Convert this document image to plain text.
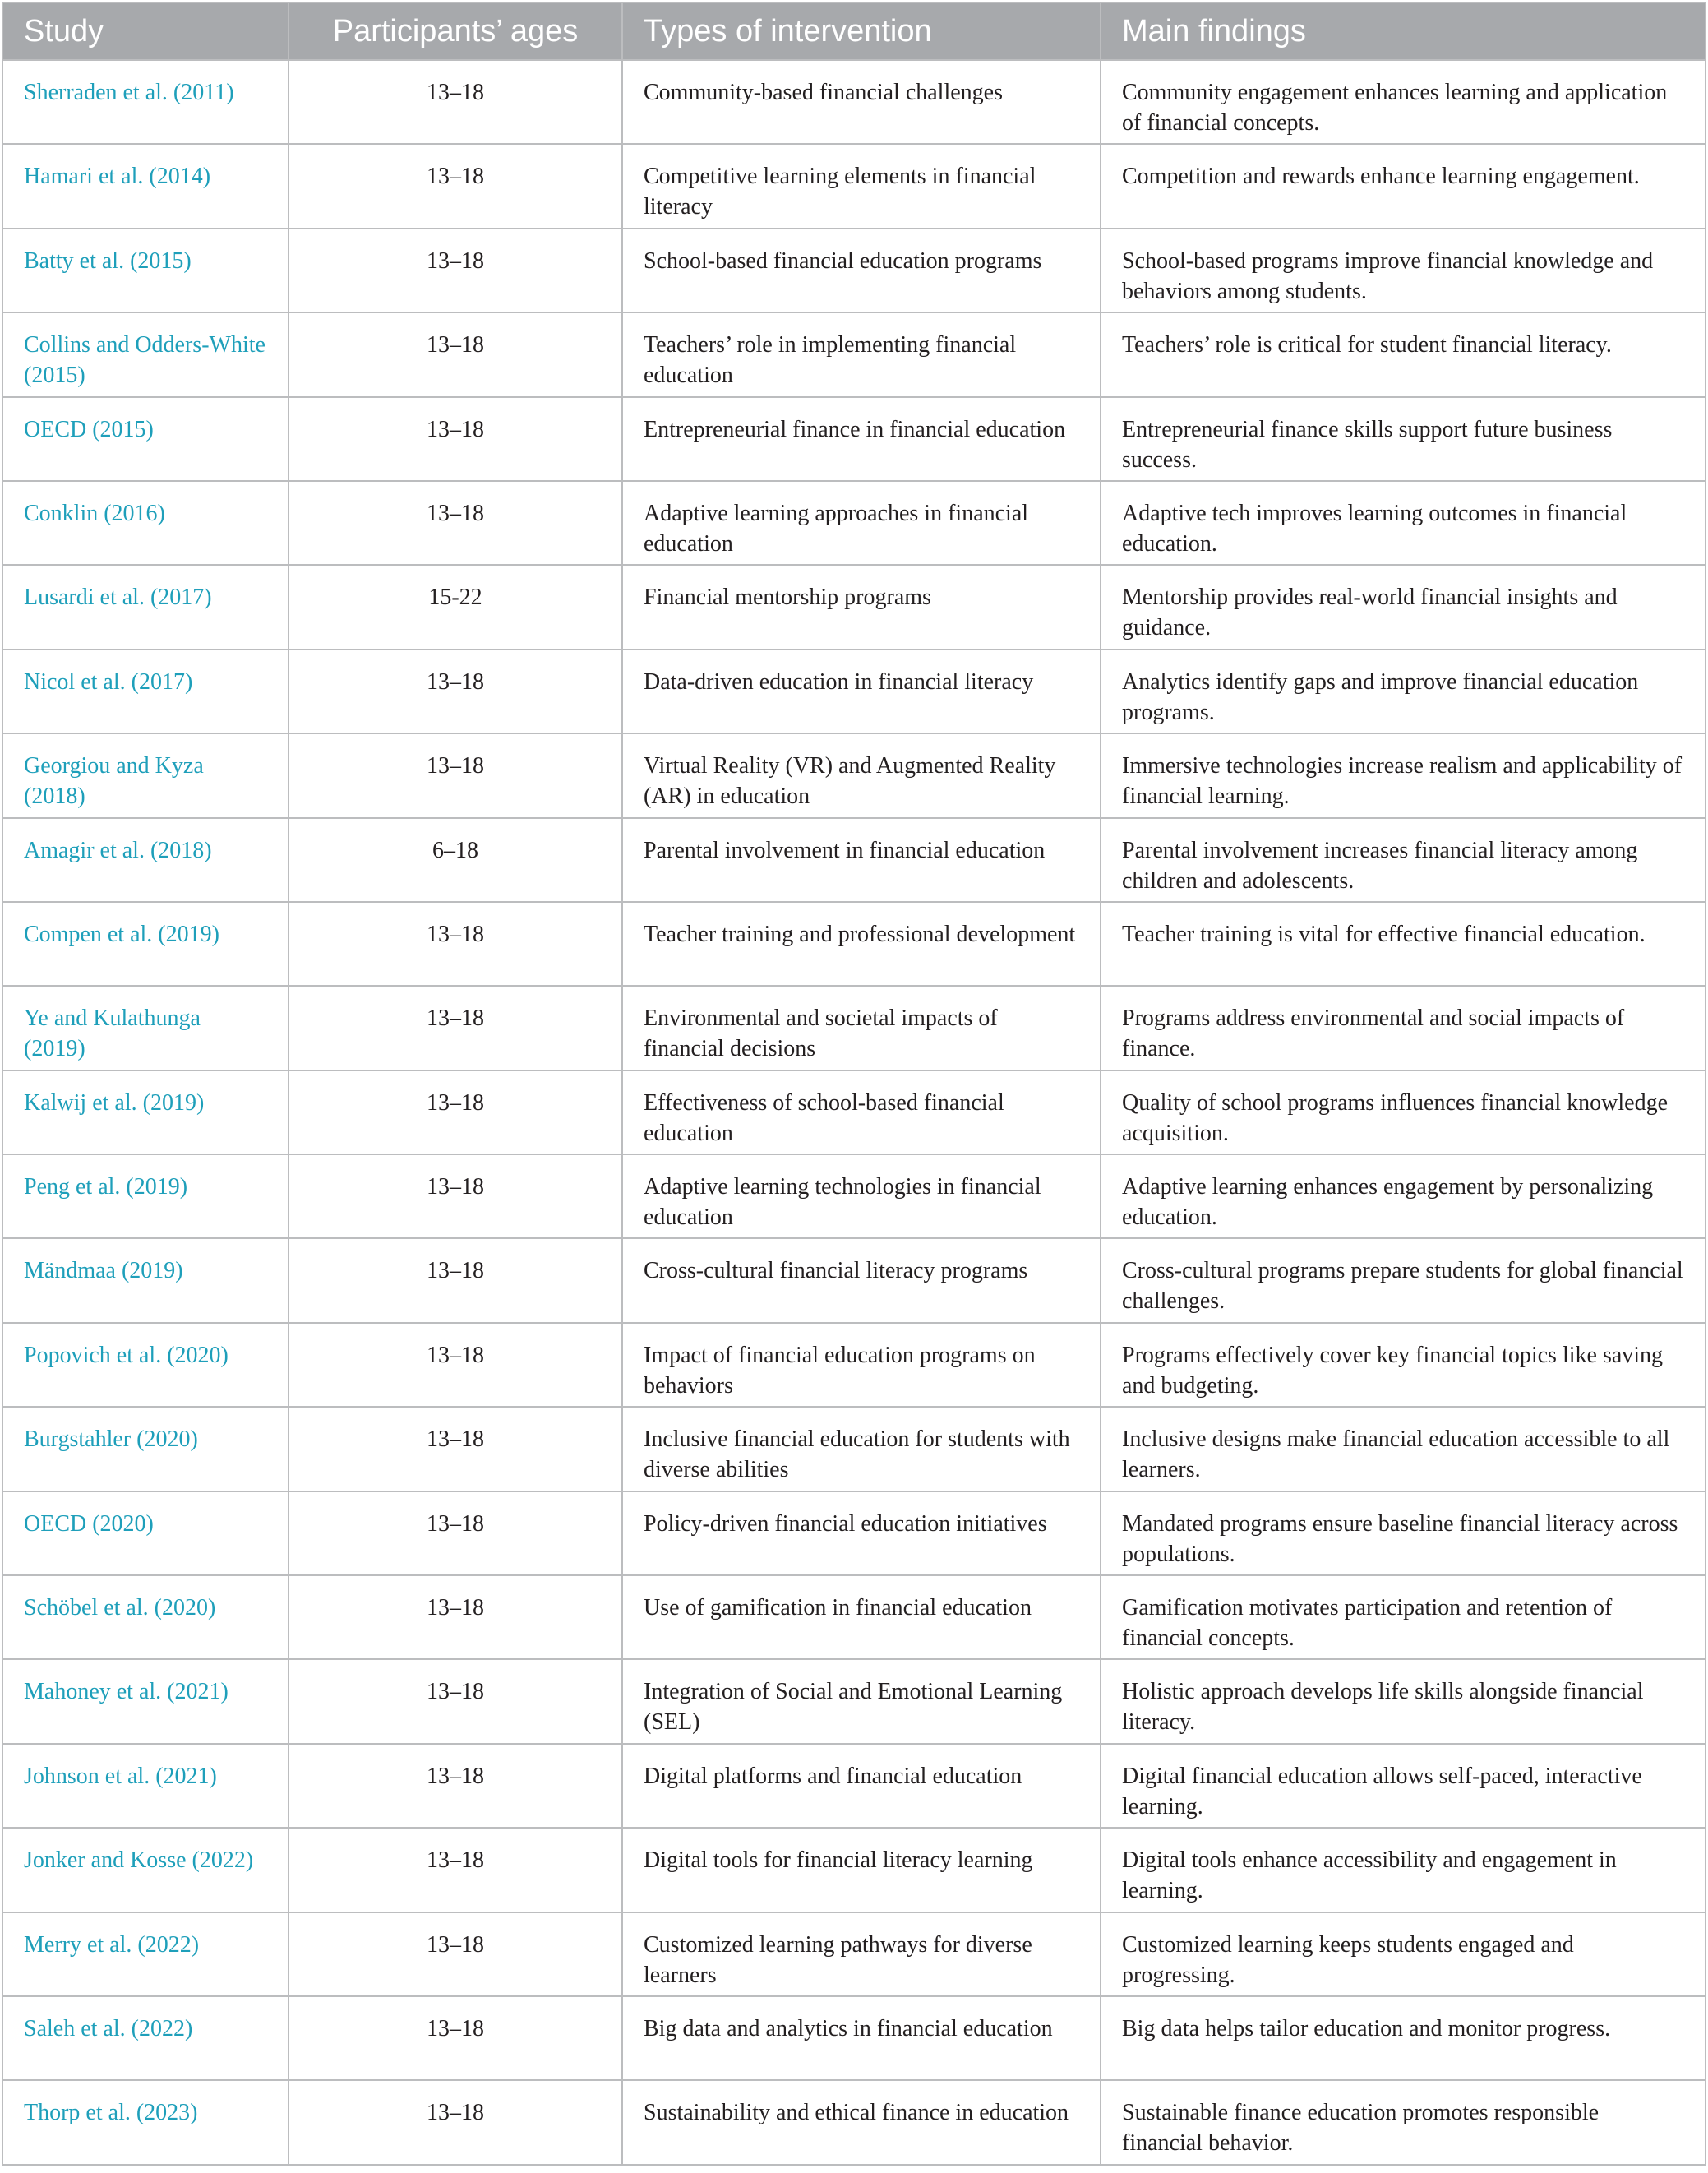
Study	Participants’ ages	Types of intervention	Main findings
Sherraden et al. (2011)	13–18	Community-based financial challenges	Community engagement enhances learning and application of financial concepts.
Hamari et al. (2014)	13–18	Competitive learning elements in financial literacy	Competition and rewards enhance learning engagement.
Batty et al. (2015)	13–18	School-based financial education programs	School-based programs improve financial knowledge and behaviors among students.
Collins and Odders-White (2015)	13–18	Teachers’ role in implementing financial education	Teachers’ role is critical for student financial literacy.
OECD (2015)	13–18	Entrepreneurial finance in financial education	Entrepreneurial finance skills support future business success.
Conklin (2016)	13–18	Adaptive learning approaches in financial education	Adaptive tech improves learning outcomes in financial education.
Lusardi et al. (2017)	15-22	Financial mentorship programs	Mentorship provides real-world financial insights and guidance.
Nicol et al. (2017)	13–18	Data-driven education in financial literacy	Analytics identify gaps and improve financial education programs.
Georgiou and Kyza (2018)	13–18	Virtual Reality (VR) and Augmented Reality (AR) in education	Immersive technologies increase realism and applicability of financial learning.
Amagir et al. (2018)	6–18	Parental involvement in financial education	Parental involvement increases financial literacy among children and adolescents.
Compen et al. (2019)	13–18	Teacher training and professional development	Teacher training is vital for effective financial education.
Ye and Kulathunga (2019)	13–18	Environmental and societal impacts of financial decisions	Programs address environmental and social impacts of finance.
Kalwij et al. (2019)	13–18	Effectiveness of school-based financial education	Quality of school programs influences financial knowledge acquisition.
Peng et al. (2019)	13–18	Adaptive learning technologies in financial education	Adaptive learning enhances engagement by personalizing education.
Mändmaa (2019)	13–18	Cross-cultural financial literacy programs	Cross-cultural programs prepare students for global financial challenges.
Popovich et al. (2020)	13–18	Impact of financial education programs on behaviors	Programs effectively cover key financial topics like saving and budgeting.
Burgstahler (2020)	13–18	Inclusive financial education for students with diverse abilities	Inclusive designs make financial education accessible to all learners.
OECD (2020)	13–18	Policy-driven financial education initiatives	Mandated programs ensure baseline financial literacy across populations.
Schöbel et al. (2020)	13–18	Use of gamification in financial education	Gamification motivates participation and retention of financial concepts.
Mahoney et al. (2021)	13–18	Integration of Social and Emotional Learning (SEL)	Holistic approach develops life skills alongside financial literacy.
Johnson et al. (2021)	13–18	Digital platforms and financial education	Digital financial education allows self-paced, interactive learning.
Jonker and Kosse (2022)	13–18	Digital tools for financial literacy learning	Digital tools enhance accessibility and engagement in learning.
Merry et al. (2022)	13–18	Customized learning pathways for diverse learners	Customized learning keeps students engaged and progressing.
Saleh et al. (2022)	13–18	Big data and analytics in financial education	Big data helps tailor education and monitor progress.
Thorp et al. (2023)	13–18	Sustainability and ethical finance in education	Sustainable finance education promotes responsible financial behavior.
